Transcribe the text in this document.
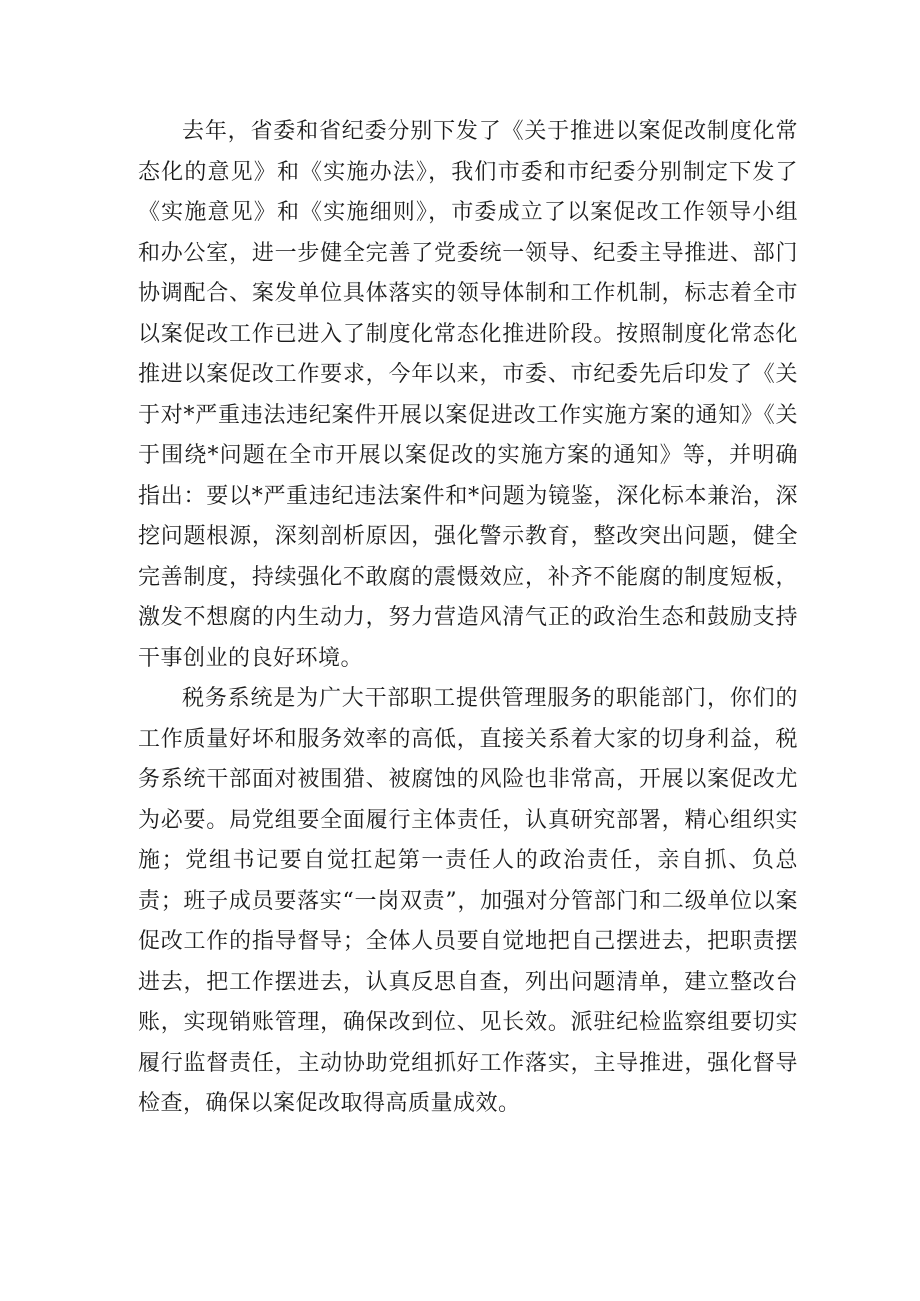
去年，省委和省纪委分别下发了《关于推进以案促改制度化常态化的意见》和《实施办法》，我们市委和市纪委分别制定下发了《实施意见》和《实施细则》，市委成立了以案促改工作领导小组和办公室，进一步健全完善了党委统一领导、纪委主导推进、部门协调配合、案发单位具体落实的领导体制和工作机制，标志着全市以案促改工作已进入了制度化常态化推进阶段。按照制度化常态化推进以案促改工作要求，今年以来，市委、市纪委先后印发了《关于对*严重违法违纪案件开展以案促进改工作实施方案的通知》《关于围绕*问题在全市开展以案促改的实施方案的通知》等，并明确指出：要以*严重违纪违法案件和*问题为镜鉴，深化标本兼治，深挖问题根源，深刻剖析原因，强化警示教育，整改突出问题，健全完善制度，持续强化不敢腐的震慑效应，补齐不能腐的制度短板，激发不想腐的内生动力，努力营造风清气正的政治生态和鼓励支持干事创业的良好环境。

税务系统是为广大干部职工提供管理服务的职能部门，你们的工作质量好坏和服务效率的高低，直接关系着大家的切身利益，税务系统干部面对被围猎、被腐蚀的风险也非常高，开展以案促改尤为必要。局党组要全面履行主体责任，认真研究部署，精心组织实施；党组书记要自觉扛起第一责任人的政治责任，亲自抓、负总责；班子成员要落实“一岗双责”，加强对分管部门和二级单位以案促改工作的指导督导；全体人员要自觉地把自己摆进去，把职责摆进去，把工作摆进去，认真反思自查，列出问题清单，建立整改台账，实现销账管理，确保改到位、见长效。派驻纪检监察组要切实履行监督责任，主动协助党组抓好工作落实，主导推进，强化督导检查，确保以案促改取得高质量成效。
